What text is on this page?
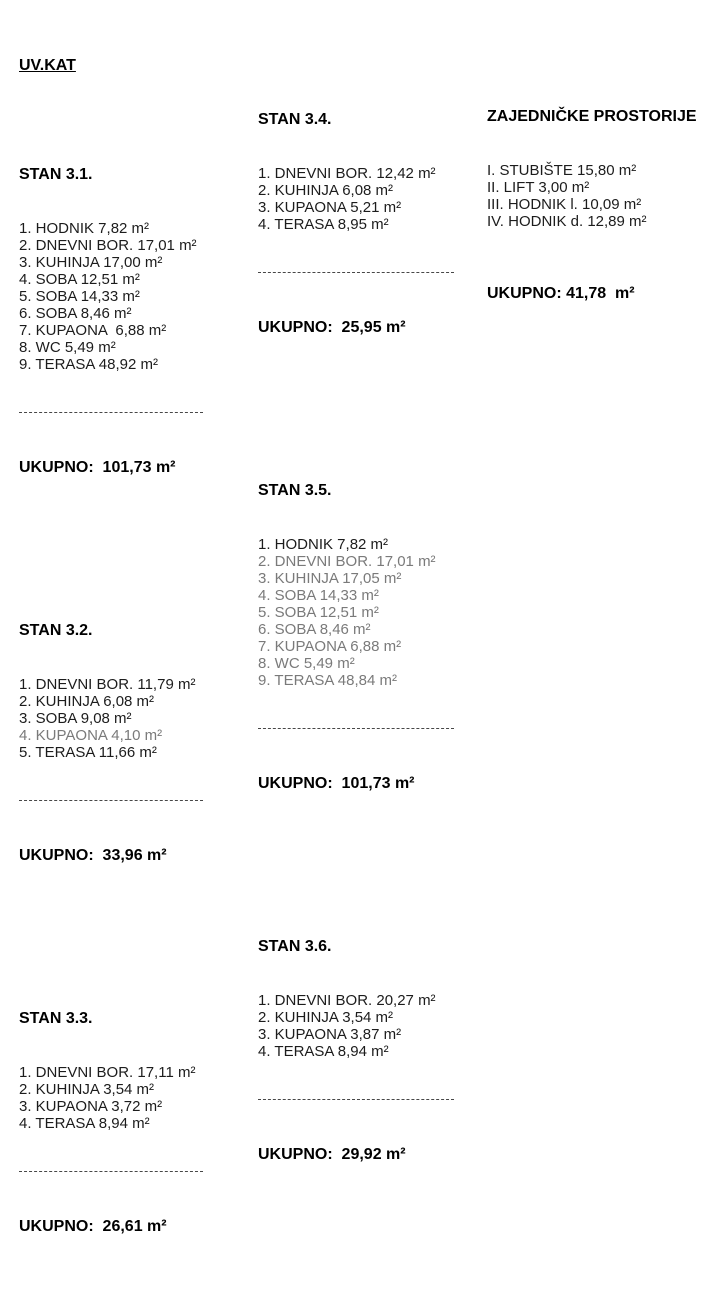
UV.KAT

STAN 3.1.

1. HODNIK 7,82 m²
2. DNEVNI BOR. 17,01 m²
3. KUHINJA 17,00 m²
4. SOBA 12,51 m²
5. SOBA 14,33 m²
6. SOBA 8,46 m²
7. KUPAONA  6,88 m²
8. WC 5,49 m²
9. TERASA 48,92 m²

UKUPNO:  101,73 m²

STAN 3.2.

1. DNEVNI BOR. 11,79 m²
2. KUHINJA 6,08 m²
3. SOBA 9,08 m²
4. KUPAONA 4,10 m²
5. TERASA 11,66 m²

UKUPNO:  33,96 m²

STAN 3.3.

1. DNEVNI BOR. 17,11 m²
2. KUHINJA 3,54 m²
3. KUPAONA 3,72 m²
4. TERASA 8,94 m²

UKUPNO:  26,61 m²

STAN 3.4.

1. DNEVNI BOR. 12,42 m²
2. KUHINJA 6,08 m²
3. KUPAONA 5,21 m²
4. TERASA 8,95 m²

UKUPNO:  25,95 m²

STAN 3.5.

1. HODNIK 7,82 m²
2. DNEVNI BOR. 17,01 m²
3. KUHINJA 17,05 m²
4. SOBA 14,33 m²
5. SOBA 12,51 m²
6. SOBA 8,46 m²
7. KUPAONA 6,88 m²
8. WC 5,49 m²
9. TERASA 48,84 m²

UKUPNO:  101,73 m²

STAN 3.6.

1. DNEVNI BOR. 20,27 m²
2. KUHINJA 3,54 m²
3. KUPAONA 3,87 m²
4. TERASA 8,94 m²

UKUPNO:  29,92 m²

ZAJEDNIČKE PROSTORIJE

I. STUBIŠTE 15,80 m²
II. LIFT 3,00 m²
III. HODNIK l. 10,09 m²
IV. HODNIK d. 12,89 m²

UKUPNO: 41,78  m²
